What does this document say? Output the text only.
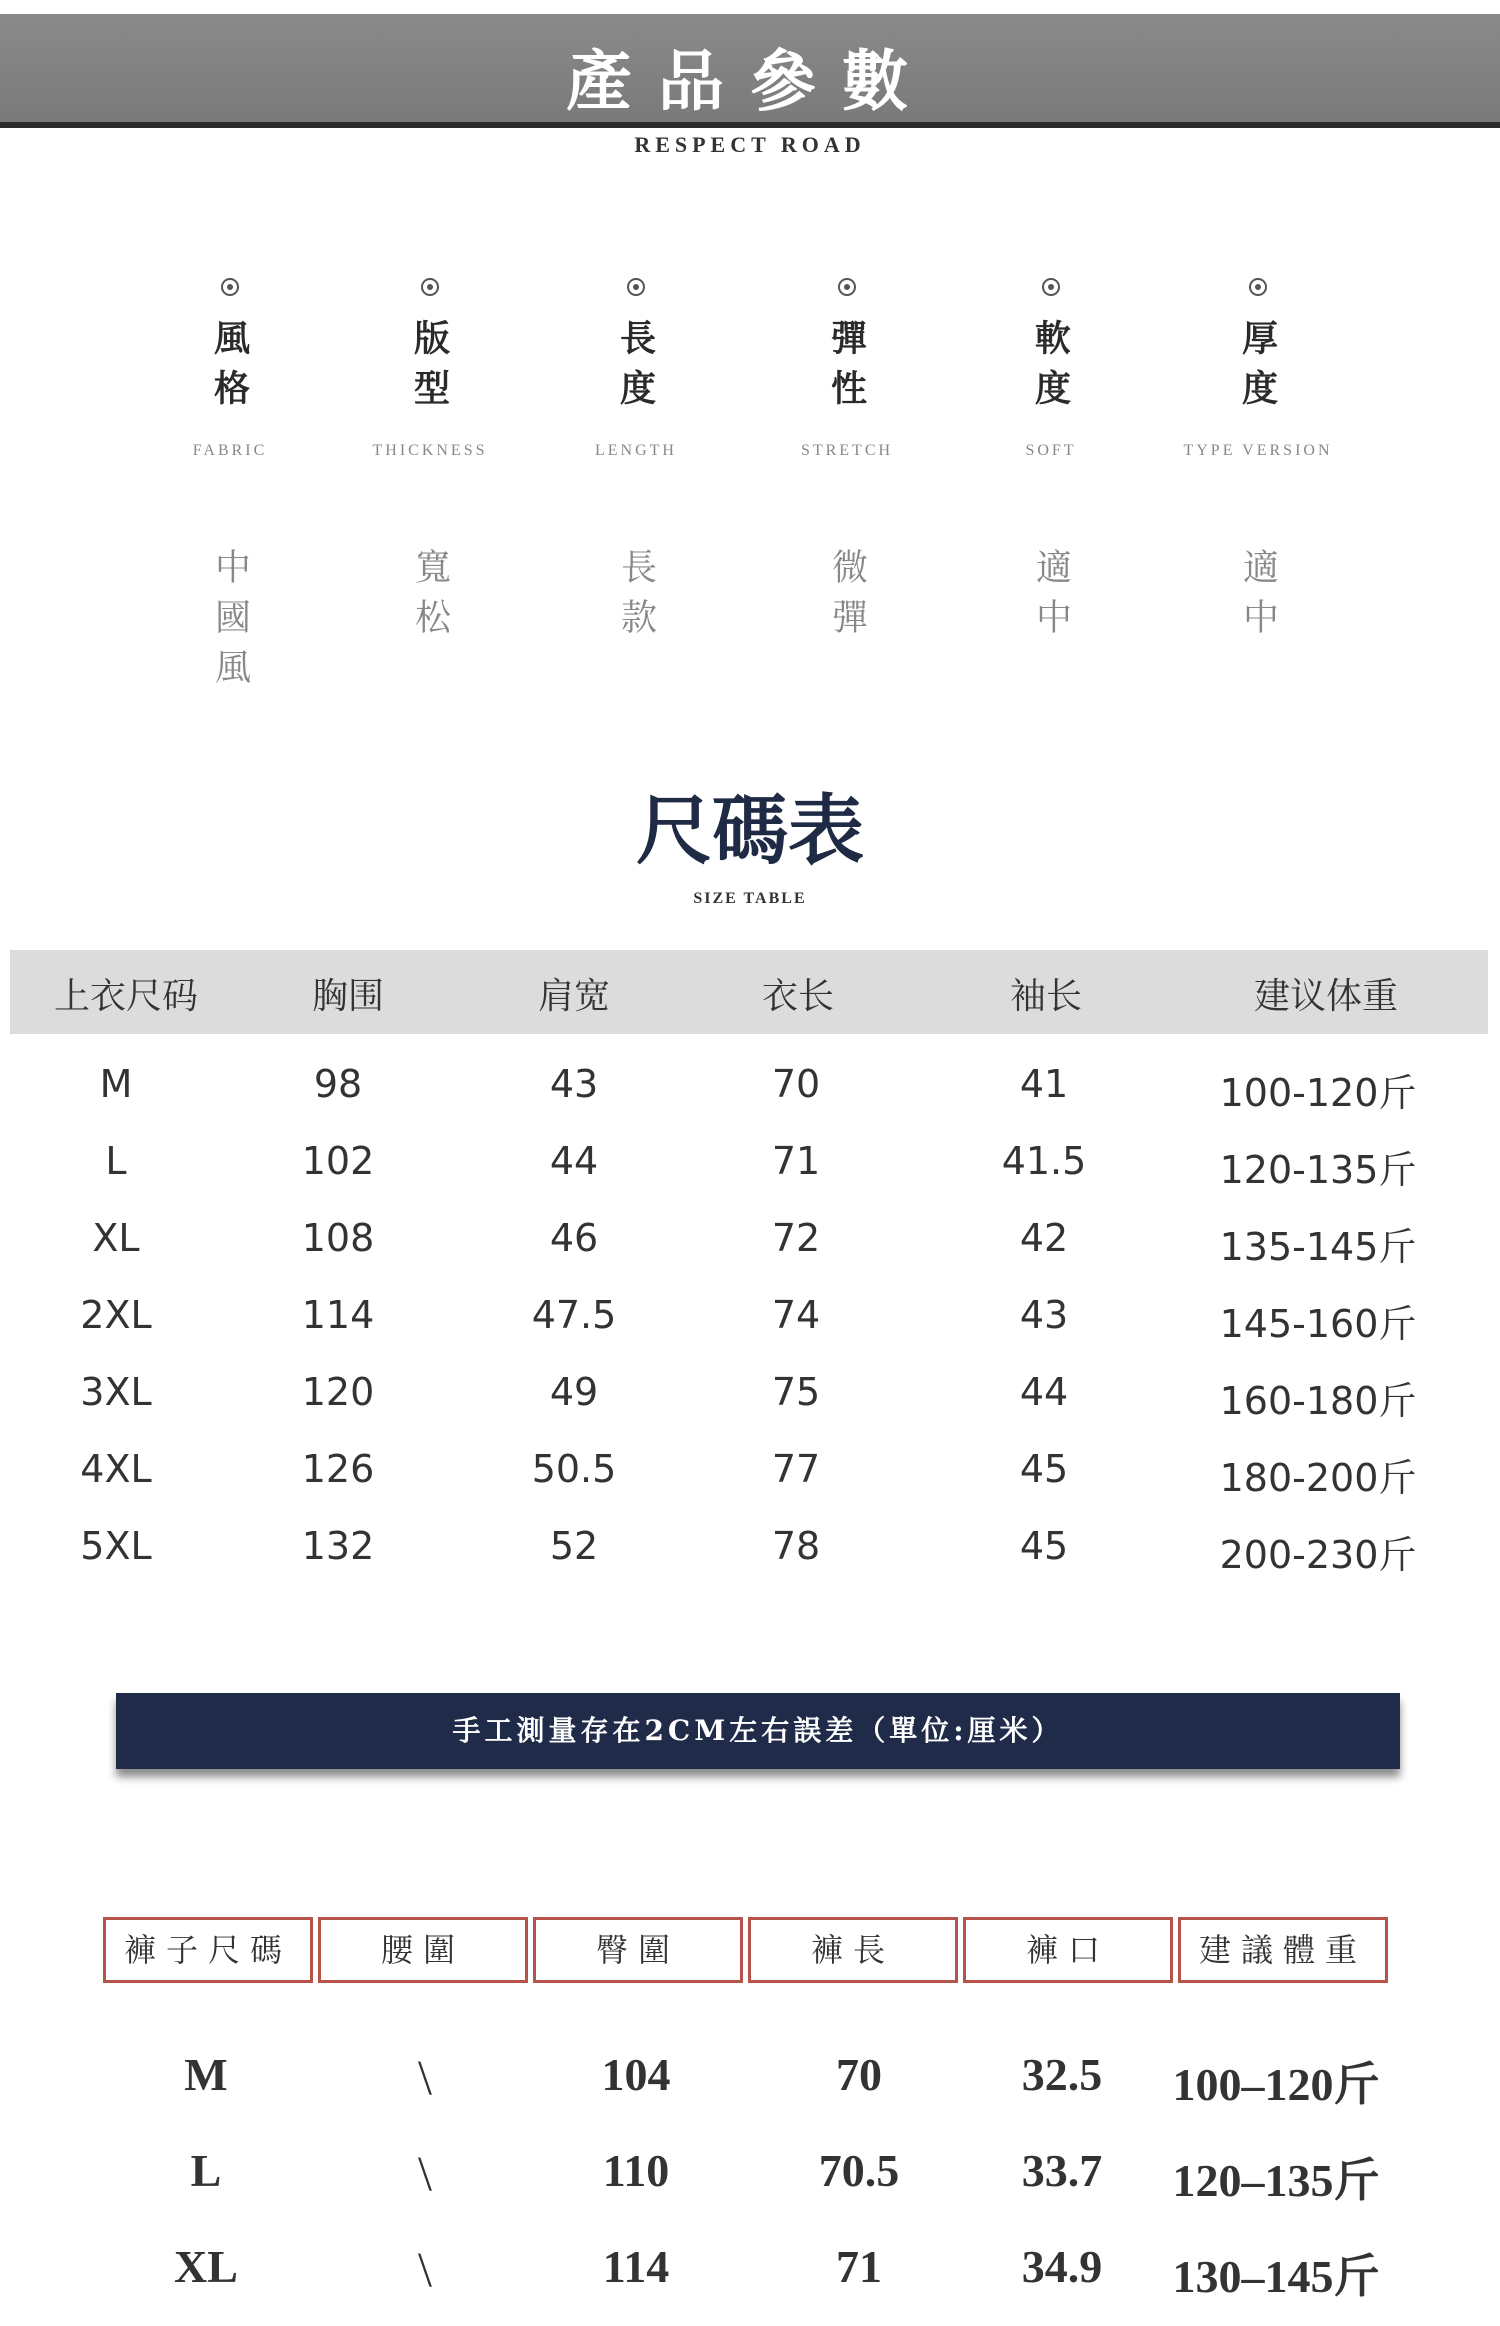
產品參數
RESPECT ROAD
風格
FABRIC
中國風
版型
THICKNESS
寬松
長度
LENGTH
長款
彈性
STRETCH
微彈
軟度
SOFT
適中
厚度
TYPE VERSION
適中
尺碼表
SIZE TABLE
上衣尺码	胸围	肩宽	衣长	袖长	建议体重
M	98	43	70	41	100-120斤
L	102	44	71	41.5	120-135斤
XL	108	46	72	42	135-145斤
2XL	114	47.5	74	43	145-160斤
3XL	120	49	75	44	160-180斤
4XL	126	50.5	77	45	180-200斤
5XL	132	52	78	45	200-230斤
手工測量存在2CM左右誤差（單位:厘米）
褲子尺碼	腰圍	臀圍	褲長	褲口	建議體重
M	\	104	70	32.5 100–120斤
L	\	110	70.5	33.7 120–135斤
XL	\	114	71	34.9 130–145斤
